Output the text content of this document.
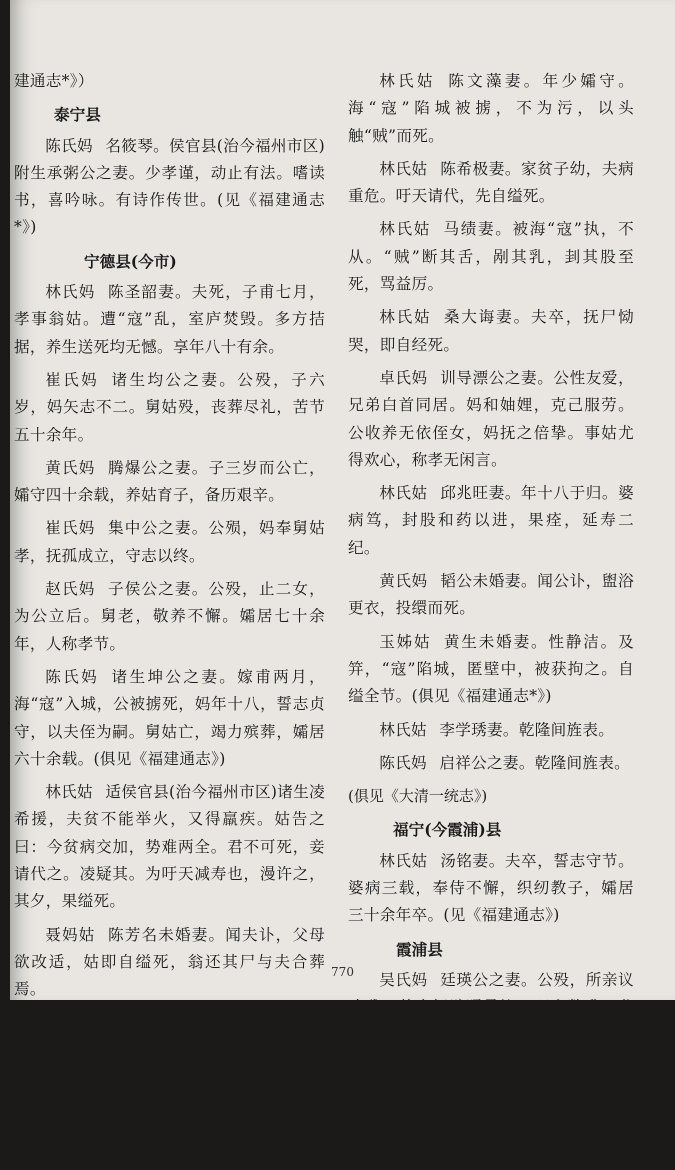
建通志*》）

泰宁县

陈氏妈 名筱琴。侯官县(治今福州市区)附生承粥公之妻。少孝谨，动止有法。嗜读书，喜吟咏。有诗作传世。(见《福建通志*》)

宁德县(今市)

林氏妈 陈圣韶妻。夫死，子甫七月，孝事翁姑。遭“寇”乱，室庐焚毁。多方拮据，养生送死均无憾。享年八十有余。

崔氏妈 诸生均公之妻。公殁，子六岁，妈矢志不二。舅姑殁，丧葬尽礼，苦节五十余年。

黄氏妈 腾爆公之妻。子三岁而公亡，孀守四十余载，养姑育子，备历艰辛。

崔氏妈 集中公之妻。公殒，妈奉舅姑孝，抚孤成立，守志以终。

赵氏妈 子侯公之妻。公殁，止二女，为公立后。舅老，敬养不懈。孀居七十余年，人称孝节。

陈氏妈 诸生坤公之妻。嫁甫两月，海“寇”入城，公被掳死，妈年十八，誓志贞守，以夫侄为嗣。舅姑亡，竭力殡葬，孀居六十余载。(俱见《福建通志》)

林氏姑 适侯官县(治今福州市区)诸生凌希援，夫贫不能举火，又得羸疾。姑告之曰：今贫病交加，势难两全。君不可死，妾请代之。凌疑其。为吁天减寿也，漫许之，其夕，果缢死。

聂妈姑 陈芳名未婚妻。闻夫讣，父母欲改适，姑即自缢死，翁还其尸与夫合葬焉。

林氏姑 黄元昌未婚妻。值海“寇”入城，惧见辱，头触阶而死。

林氏姑 陈文藻妻。年少孀守。海“寇”陷城被掳，不为污，以头触“贼”而死。

林氏姑 陈希极妻。家贫子幼，夫病重危。吁天请代，先自缢死。

林氏姑 马绩妻。被海“寇”执，不从。“贼”断其舌，剐其乳，刲其股至死，骂益厉。

林氏姑 桑大诲妻。夫卒，抚尸恸哭，即自经死。

卓氏妈 训导漂公之妻。公性友爱，兄弟白首同居。妈和妯娌，克己服劳。公收养无依侄女，妈抚之倍挚。事姑尤得欢心，称孝无闲言。

林氏姑 邱兆旺妻。年十八于归。婆病笃，封股和药以进，果痊，延寿二纪。

黄氏妈 韬公未婚妻。闻公讣，盥浴更衣，投缳而死。

玉姊姑 黄生未婚妻。性静洁。及笄，“寇”陷城，匿壁中，被获拘之。自缢全节。(俱见《福建通志*》)

林氏姑 李学琇妻。乾隆间旌表。

陈氏妈 启祥公之妻。乾隆间旌表。

(俱见《大清一统志》)
福宁(今霞浦)县

林氏姑 汤铭妻。夫卒，誓志守节。婆病三载，奉侍不懈，织纫教子，孀居三十余年卒。(见《福建通志》)

霞浦县

吴氏妈 廷瑛公之妻。公殁，所亲议改醮。赴夫柩躄踊号泣，呕血数升，分其奁与诸姑诀，遂绝粒死。

林氏姑 李子枝未婚妻。田家女。夫家贫，未娶。夫患恶疾，未几计闻。或以改配，问慰不答，偕诸女谈笑自若，夜深

770
